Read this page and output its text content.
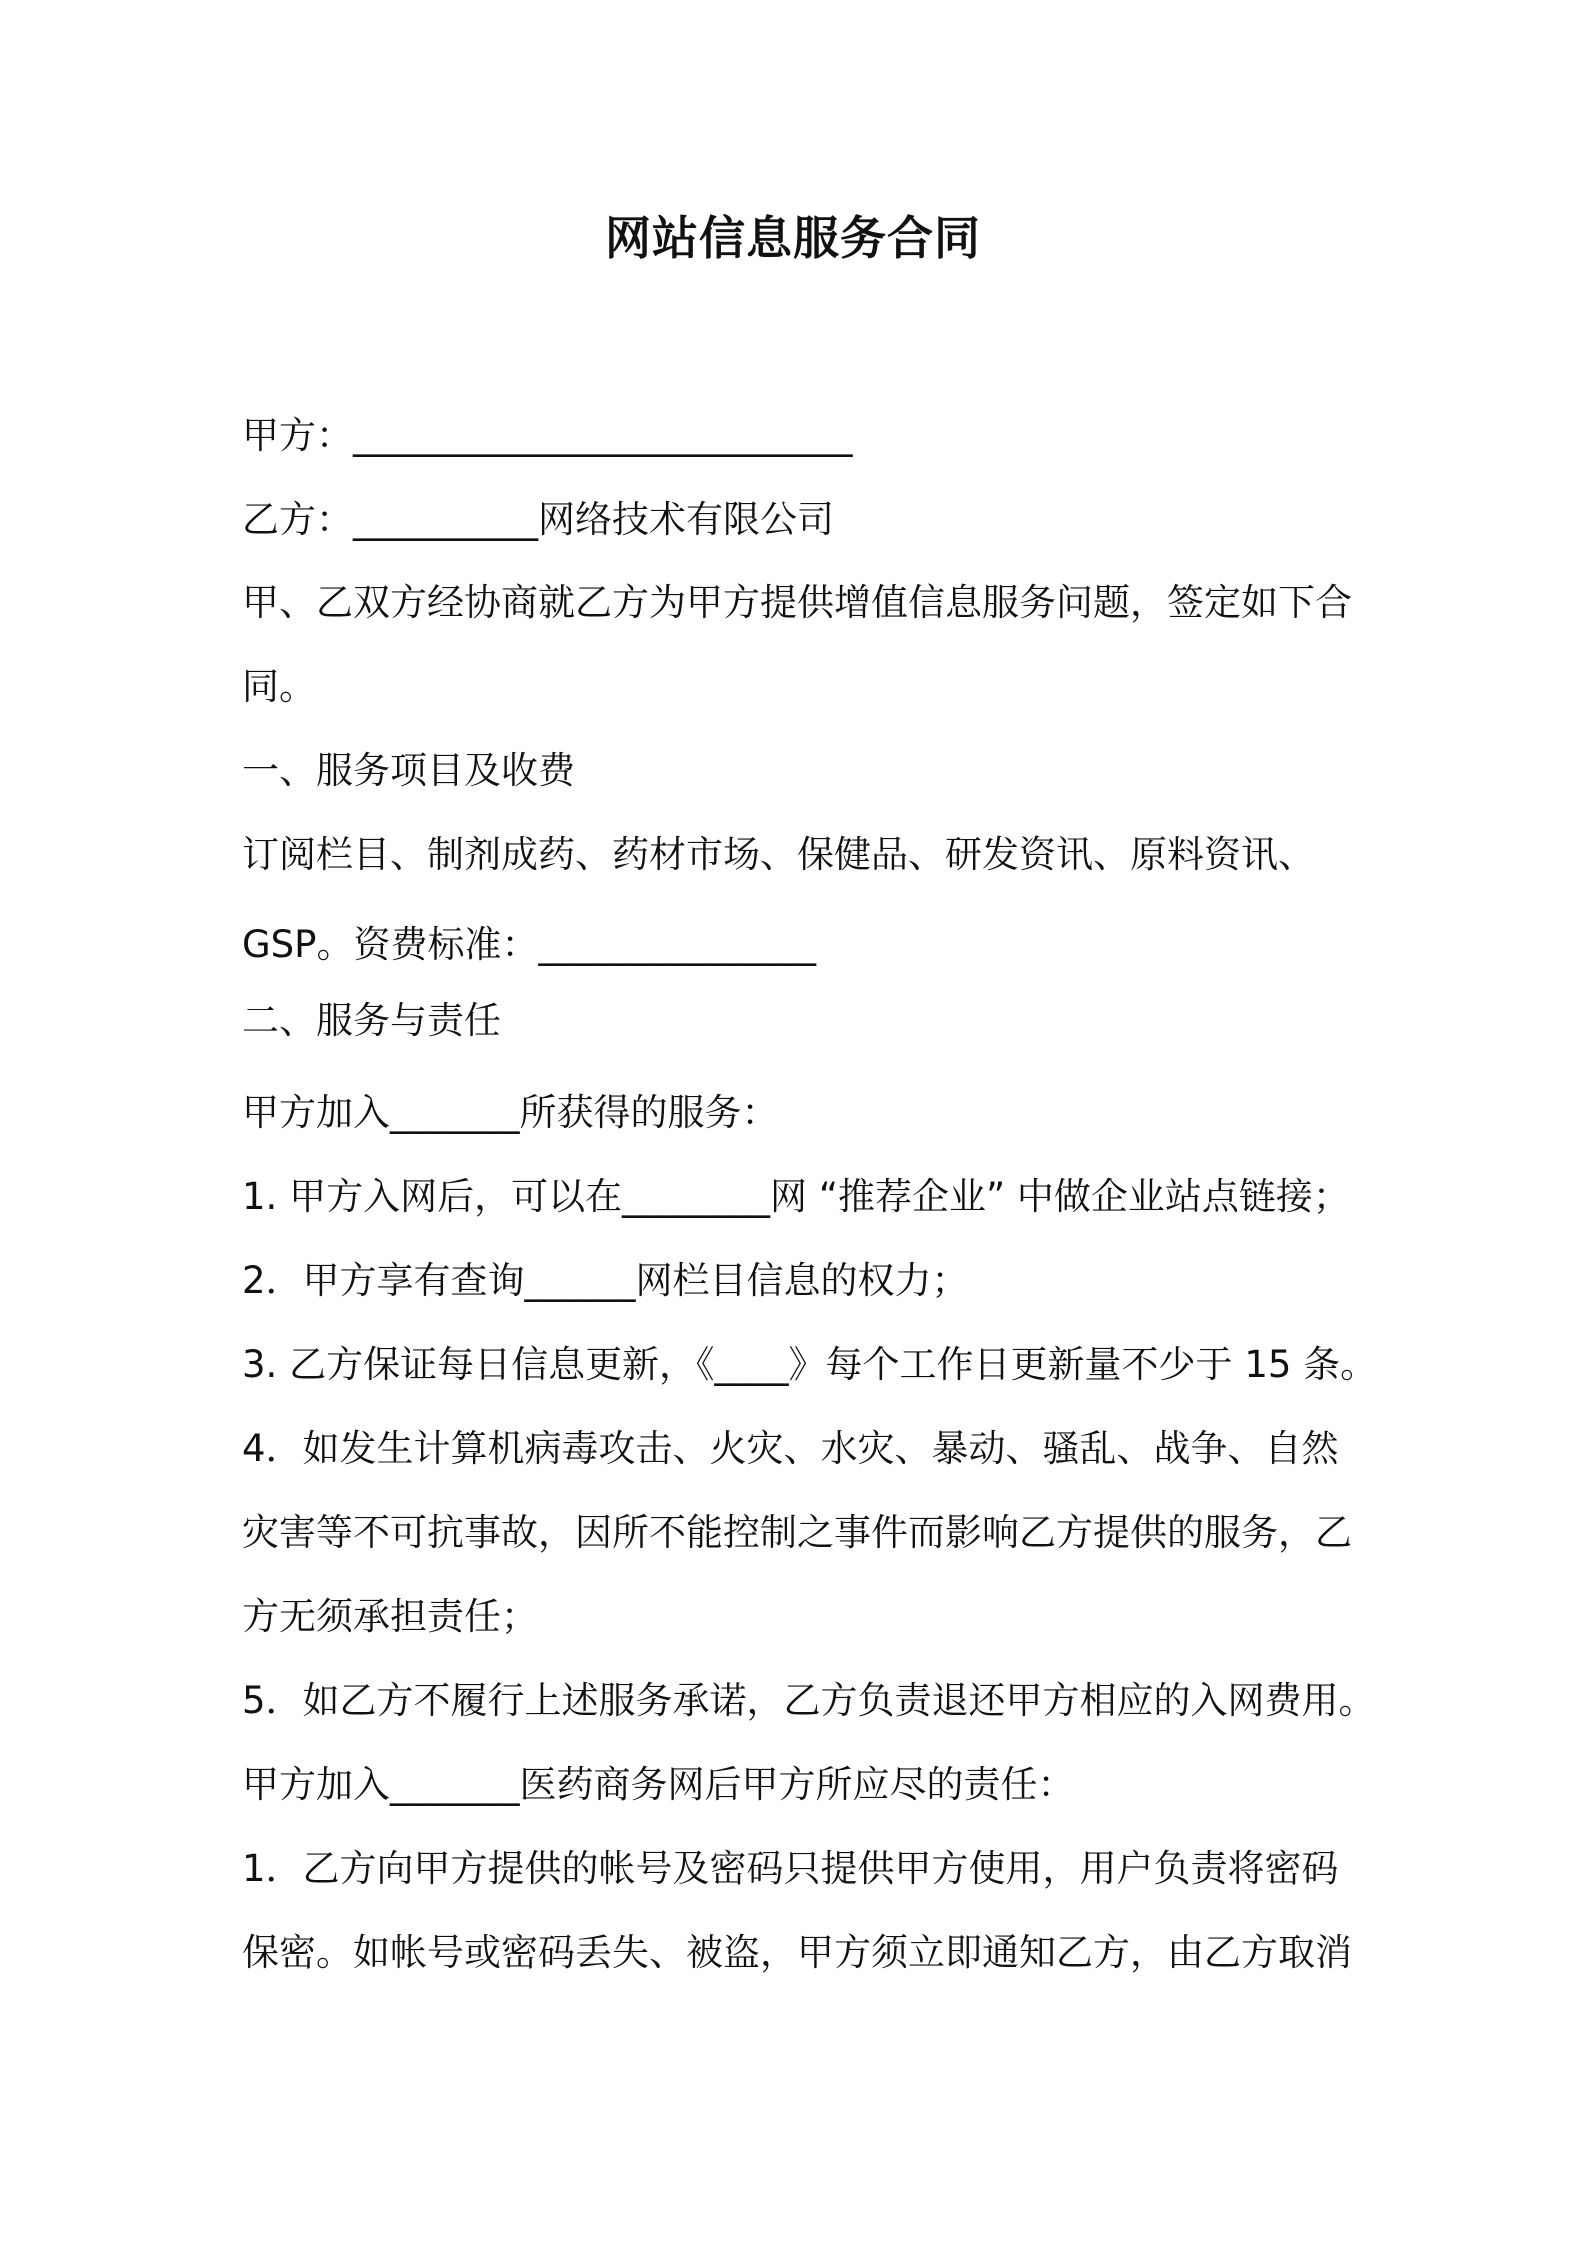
网站信息服务合同
甲方：___________________________
乙方：__________网络技术有限公司
甲、乙双方经协商就乙方为甲方提供增值信息服务问题，签定如下合
同。
一、服务项目及收费
订阅栏目、制剂成药、药材市场、保健品、研发资讯、原料资讯、
GSP。资费标准：_______________
二、服务与责任
甲方加入_______所获得的服务：
1. 甲方入网后，可以在________网 “推荐企业” 中做企业站点链接；
2．甲方享有查询______网栏目信息的权力；
3. 乙方保证每日信息更新，《____》每个工作日更新量不少于 15 条。
4．如发生计算机病毒攻击、火灾、水灾、暴动、骚乱、战争、自然
灾害等不可抗事故，因所不能控制之事件而影响乙方提供的服务，乙
方无须承担责任；
5．如乙方不履行上述服务承诺，乙方负责退还甲方相应的入网费用。
甲方加入_______医药商务网后甲方所应尽的责任：
1．乙方向甲方提供的帐号及密码只提供甲方使用，用户负责将密码
保密。如帐号或密码丢失、被盗，甲方须立即通知乙方，由乙方取消
